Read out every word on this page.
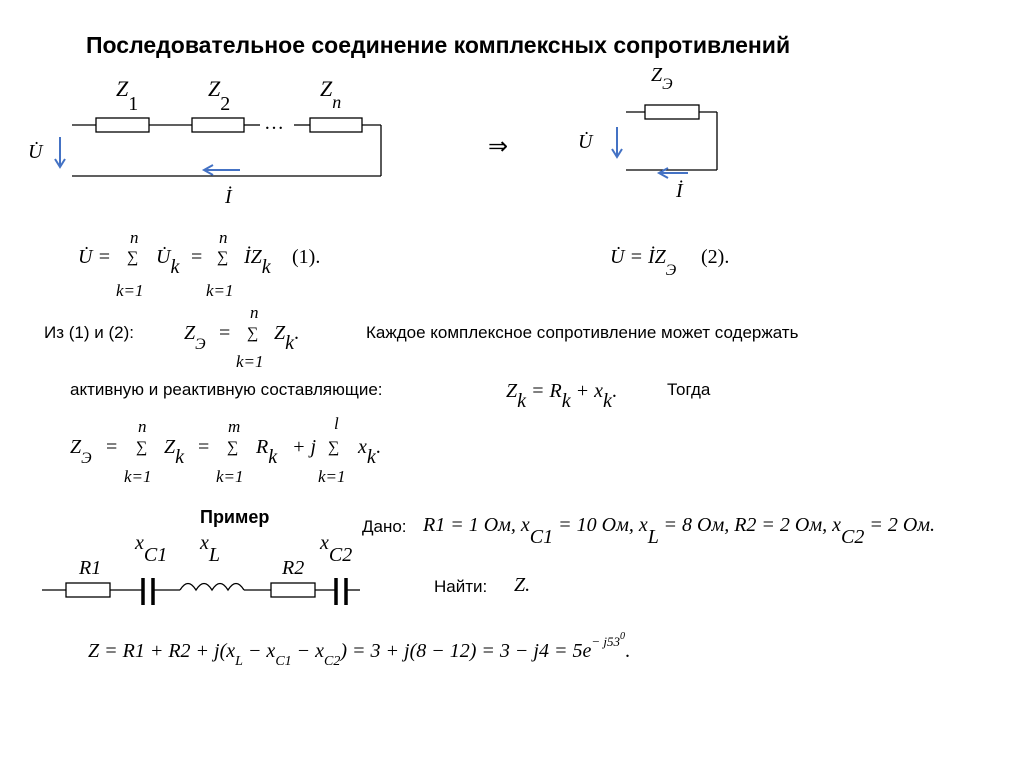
Последовательное соединение комплексных сопротивлений
Z1
Z2
…
$Z_n$
U̇
İ
⇒
$Z_Э$
U̇
İ
U̇ =
n
∑
k=1
U̇k =
n
∑
k=1
İZk (1).	U̇ = $İZ_Э$
(2).
Из (1) и (2):	$Z_Э$
=
n
∑
k=1
Zk.	Каждое комплексное сопротивление может содержать
активную и реактивную составляющие:	Zk = Rk + xk.	Тогда
$Z_Э$
=
n
∑
k=1
Zk =
m
∑
k=1
Rk + j
l
∑
k=1
xk.
Пример
R1
xC1
xL
R2
xC2
Дано: R1 = 1 Ом, xC1 = 10 Ом, xL = 8 Ом, R2 = 2 Ом, xC2 = 2 Ом.
Найти: Z.
$Z = R1 + R2 + j(x_L - x_{C1} - x_{C2}) = 3 + j(8 - 12) = 3 - j4 = 5e^{- j530}$.
